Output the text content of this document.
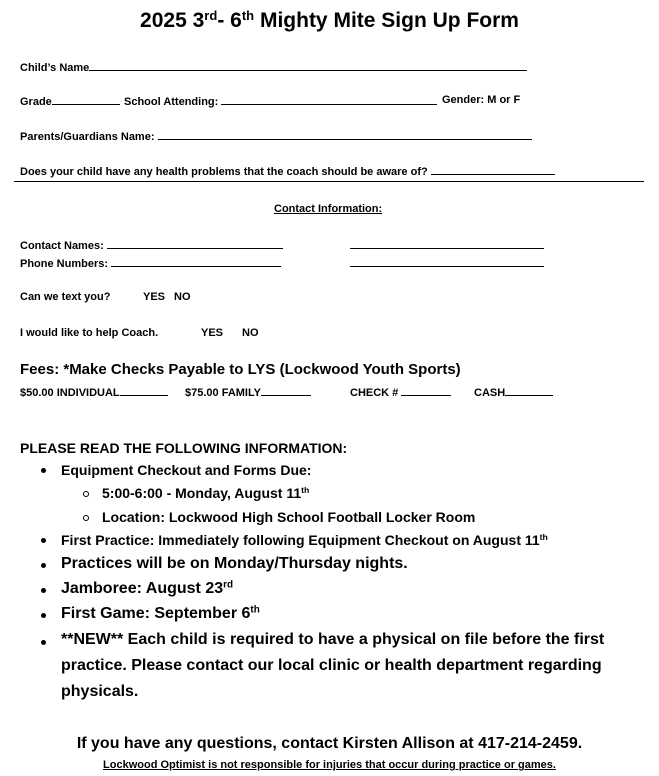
2025 3rd- 6th Mighty Mite Sign Up Form
Child’s Name
Grade	School Attending:	Gender: M or F
Parents/Guardians Name:
Does your child have any health problems that the coach should be aware of?
Contact Information:
Contact Names:
Phone Numbers:
Can we text you?	YES NO
I would like to help Coach.	YES NO
Fees: *Make Checks Payable to LYS (Lockwood Youth Sports)
$50.00 INDIVIDUAL	$75.00 FAMILY	CHECK #	CASH
PLEASE READ THE FOLLOWING INFORMATION:
Equipment Checkout and Forms Due:
5:00-6:00 - Monday, August 11th
Location: Lockwood High School Football Locker Room
First Practice: Immediately following Equipment Checkout on August 11th
Practices will be on Monday/Thursday nights.
Jamboree: August 23rd
First Game: September 6th
**NEW** Each child is required to have a physical on file before the first
practice. Please contact our local clinic or health department regarding
physicals.
If you have any questions, contact Kirsten Allison at 417-214-2459.
Lockwood Optimist is not responsible for injuries that occur during practice or games.
